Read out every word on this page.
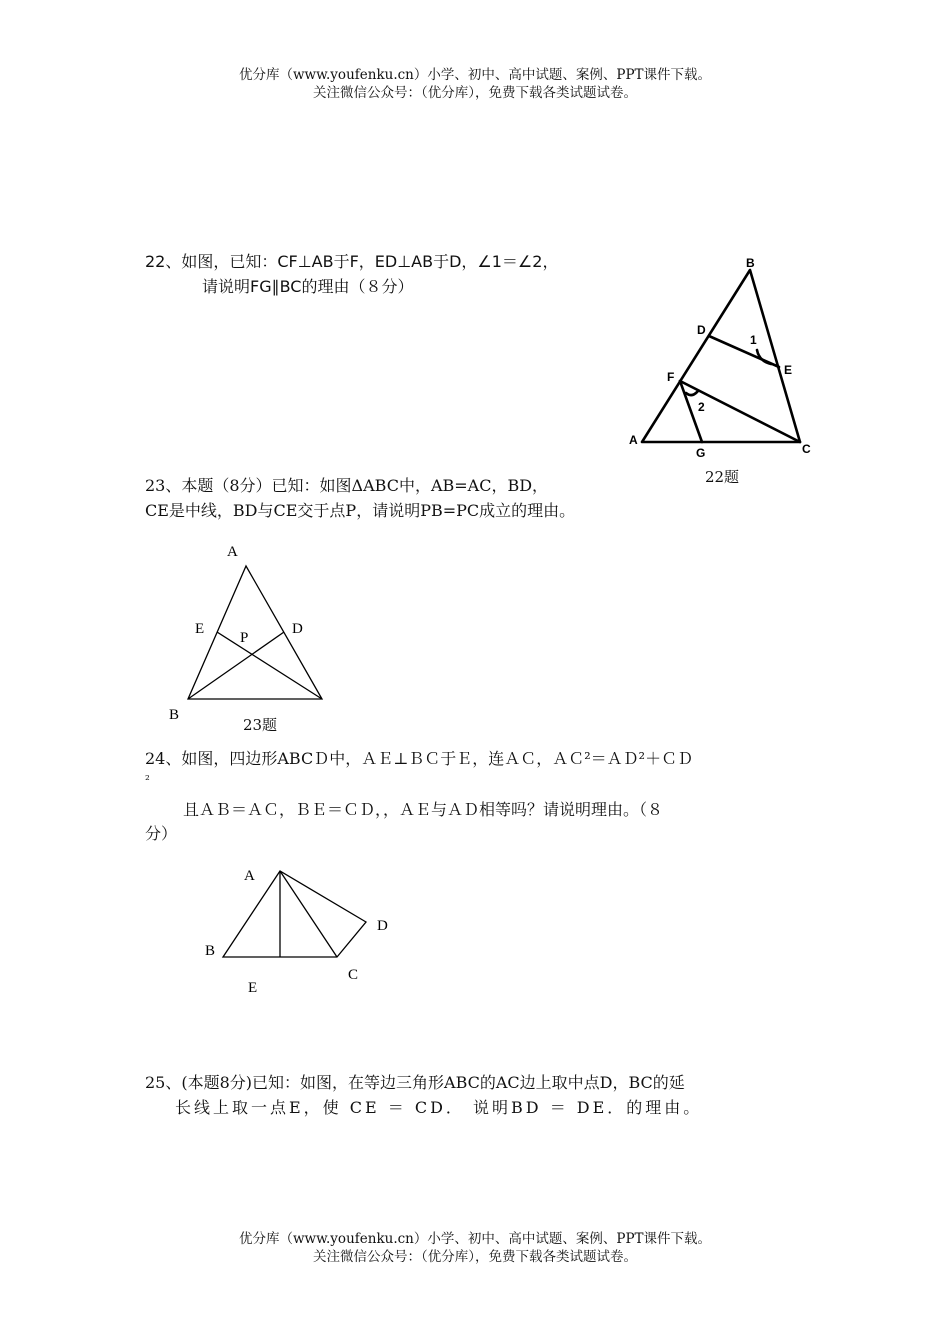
优分库（www.youfenku.cn）小学、初中、高中试题、案例、PPT课件下载。
关注微信公众号：（优分库），免费下载各类试题试卷。
22、如图，已知：CF⊥AB于F，ED⊥AB于D，∠1＝∠2，
请说明FG∥BC的理由（８分）
B
D
1
E
F
2
A
G	C
22题
23、本题（8分）已知：如图ΔABC中，AB=AC，BD，
CE是中线，BD与CE交于点P，请说明PB=PC成立的理由。
A
E
P
D
B
23题
24、如图，四边形ABCＤ中，ＡＥ⊥ＢＣ于Ｅ，连ＡＣ，ＡＣ²＝ＡＤ²＋ＣＤ
²
且ＡＢ＝ＡＣ，ＢＥ＝ＣＤ，，ＡＥ与ＡＤ相等吗？请说明理由。（８
分）
A
D
B
C
E
25、(本题8分)已知：如图，在等边三角形ABC的AC边上取中点D，BC的延
长线上取一点E，使 CE ＝ CD． 说明BD ＝ DE．的理由。
优分库（www.youfenku.cn）小学、初中、高中试题、案例、PPT课件下载。
关注微信公众号：（优分库），免费下载各类试题试卷。
